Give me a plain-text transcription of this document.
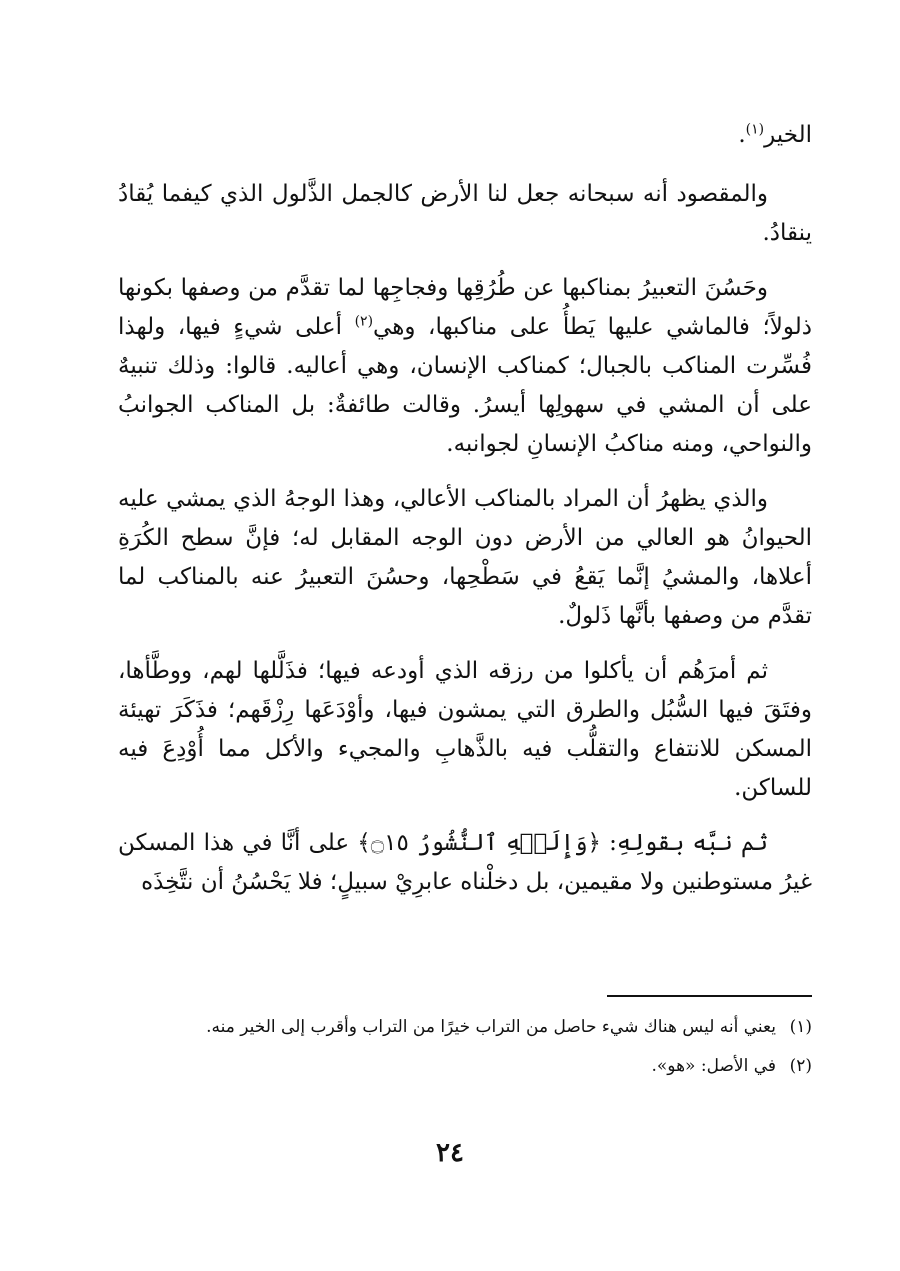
الخير$^{(١)}$.

والمقصود أنه سبحانه جعل لنا الأرض كالجمل الذَّلول الذي كيفما يُقادُ ينقادُ.

وحَسُنَ التعبيرُ بمناكبها عن طُرُقِها وفجاجِها لما تقدَّم من وصفها بكونها ذلولاً؛ فالماشي عليها يَطأُ على مناكبها، وهي$^{(٢)}$ أعلى شيءٍ فيها، ولهذا فُسِّرت المناكب بالجبال؛ كمناكب الإنسان، وهي أعاليه. قالوا: وذلك تنبيهٌ على أن المشي في سهولِها أيسرُ. وقالت طائفةٌ: بل المناكب الجوانبُ والنواحي، ومنه مناكبُ الإنسانِ لجوانبه.

والذي يظهرُ أن المراد بالمناكب الأعالي، وهذا الوجهُ الذي يمشي عليه الحيوانُ هو العالي من الأرض دون الوجه المقابل له؛ فإنَّ سطح الكُرَةِ أعلاها، والمشيُ إنَّما يَقعُ في سَطْحِها، وحسُنَ التعبيرُ عنه بالمناكب لما تقدَّم من وصفها بأنَّها ذَلولٌ.

ثم أمرَهُم أن يأكلوا من رزقه الذي أودعه فيها؛ فذَلَّلها لهم، ووطَّأها، وفتَقَ فيها السُّبُل والطرق التي يمشون فيها، وأوْدَعَها رِزْقَهم؛ فذَكَرَ تهيئة المسكن للانتفاع والتقلُّب فيه بالذَّهابِ والمجيء والأكل مما أُوْدِعَ فيه للساكن.

ثم نبَّه بقولِهِ: ﴿وَإِلَيۡهِ ٱلنُّشُورُ ۝١٥﴾ على أنَّا في هذا المسكن غيرُ مستوطنين ولا مقيمين، بل دخلْناه عابرِيْ سبيلٍ؛ فلا يَحْسُنُ أن نتَّخِذَه

(١)
يعني أنه ليس هناك شيء حاصل من التراب خيرًا من التراب وأقرب إلى الخير منه.
(٢)
في الأصل: «هو».
٢٤
